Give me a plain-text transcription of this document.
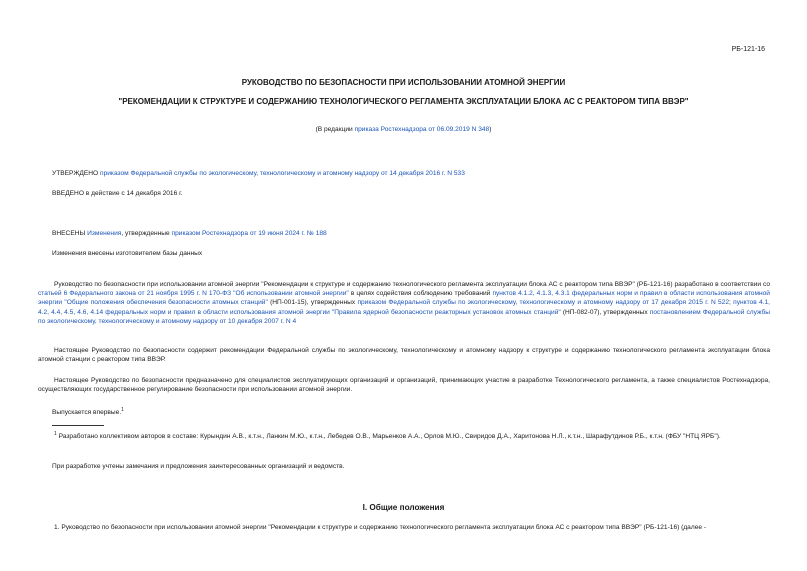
РБ-121-16
РУКОВОДСТВО ПО БЕЗОПАСНОСТИ ПРИ ИСПОЛЬЗОВАНИИ АТОМНОЙ ЭНЕРГИИ
"РЕКОМЕНДАЦИИ К СТРУКТУРЕ И СОДЕРЖАНИЮ ТЕХНОЛОГИЧЕСКОГО РЕГЛАМЕНТА ЭКСПЛУАТАЦИИ БЛОКА АС С РЕАКТОРОМ ТИПА ВВЭР"
(В редакции приказа Ростехнадзора от 06.09.2019 N 348)
УТВЕРЖДЕНО приказом Федеральной службы по экологическому, технологическому и атомному надзору от 14 декабря 2016 г. N 533
ВВЕДЕНО в действие с 14 декабря 2016 г.
ВНЕСЕНЫ Изменения, утвержденные приказом Ростехнадзора от 19 июня 2024 г. № 188
Изменения внесены изготовителем базы данных
Руководство по безопасности при использовании атомной энергии "Рекомендации к структуре и содержанию технологического регламента эксплуатации блока АС с реактором типа ВВЭР" (РБ-121-16) разработано в соответствии со статьей 6 Федерального закона от 21 ноября 1995 г. N 170-ФЗ "Об использовании атомной энергии" в целях содействия соблюдению требований пунктов 4.1.2, 4.1.3, 4.3.1 федеральных норм и правил в области использования атомной энергии "Общие положения обеспечения безопасности атомных станций" (НП-001-15), утвержденных приказом Федеральной службы по экологическому, технологическому и атомному надзору от 17 декабря 2015 г. N 522; пунктов 4.1, 4.2, 4.4, 4.5, 4.6, 4.14 федеральных норм и правил в области использования атомной энергии "Правила ядерной безопасности реакторных установок атомных станций" (НП-082-07), утвержденных постановлением Федеральной службы по экологическому, технологическому и атомному надзору от 10 декабря 2007 г. N 4
Настоящее Руководство по безопасности содержит рекомендации Федеральной службы по экологическому, технологическому и атомному надзору к структуре и содержанию технологического регламента эксплуатации блока атомной станции с реактором типа ВВЭР.
Настоящее Руководство по безопасности предназначено для специалистов эксплуатирующих организаций и организаций, принимающих участие в разработке Технологического регламента, а также специалистов Ростехнадзора, осуществляющих государственное регулирование безопасности при использовании атомной энергии.
Выпускается впервые.$^1$
$^1$ Разработано коллективом авторов в составе: Курындин А.В., к.т.н., Ланкин М.Ю., к.т.н., Лебедев О.В., Марьенков А.А., Орлов М.Ю., Свиридов Д.А., Харитонова Н.Л., к.т.н., Шарафутдинов Р.Б., к.т.н. (ФБУ "НТЦ ЯРБ").
При разработке учтены замечания и предложения заинтересованных организаций и ведомств.
I. Общие положения
1. Руководство по безопасности при использовании атомной энергии "Рекомендации к структуре и содержанию технологического регламента эксплуатации блока АС с реактором типа ВВЭР" (РБ-121-16) (далее -
